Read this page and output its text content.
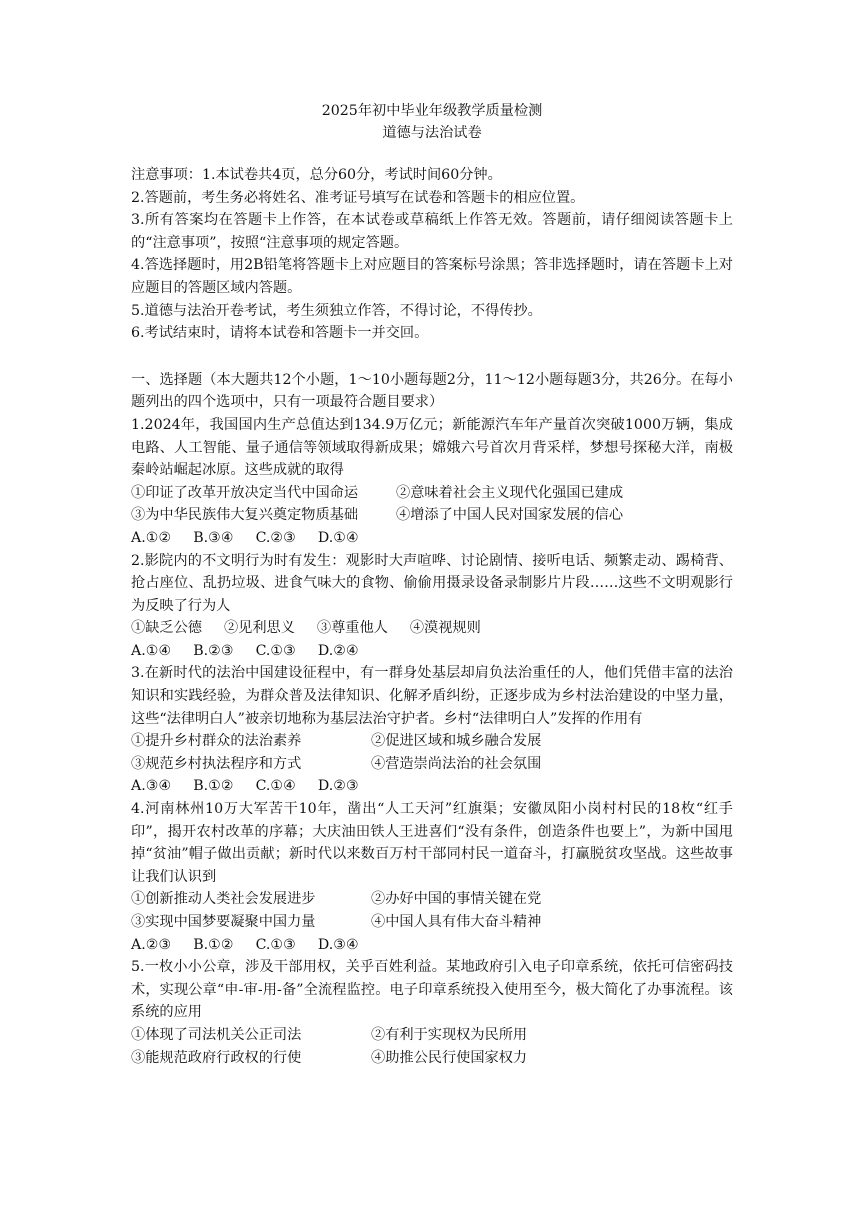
2025年初中毕业年级教学质量检测

道德与法治试卷

注意事项：1.本试卷共4页，总分60分，考试时间60分钟。

2.答题前，考生务必将姓名、准考证号填写在试卷和答题卡的相应位置。

3.所有答案均在答题卡上作答，在本试卷或草稿纸上作答无效。答题前，请仔细阅读答题卡上的“注意事项”，按照“注意事项的规定答题。

4.答选择题时，用2B铅笔将答题卡上对应题目的答案标号涂黑；答非选择题时，请在答题卡上对应题目的答题区域内答题。

5.道德与法治开卷考试，考生须独立作答，不得讨论，不得传抄。

6.考试结束时，请将本试卷和答题卡一并交回。

一、选择题（本大题共12个小题，1～10小题每题2分，11～12小题每题3分，共26分。在每小题列出的四个选项中，只有一项最符合题目要求）

1.2024年，我国国内生产总值达到134.9万亿元；新能源汽车年产量首次突破1000万辆，集成电路、人工智能、量子通信等领域取得新成果；嫦娥六号首次月背采样，梦想号探秘大洋，南极秦岭站崛起冰原。这些成就的取得

①印证了改革开放决定当代中国命运	②意味着社会主义现代化强国已建成

③为中华民族伟大复兴奠定物质基础	④增添了中国人民对国家发展的信心

A.①② B.③④ C.②③ D.①④

2.影院内的不文明行为时有发生：观影时大声喧哗、讨论剧情、接听电话、频繁走动、踢椅背、抢占座位、乱扔垃圾、进食气味大的食物、偷偷用摄录设备录制影片片段……这些不文明观影行为反映了行为人

①缺乏公德 ②见利思义 ③尊重他人 ④漠视规则

A.①④ B.②③ C.①③ D.②④

3.在新时代的法治中国建设征程中，有一群身处基层却肩负法治重任的人，他们凭借丰富的法治知识和实践经验，为群众普及法律知识、化解矛盾纠纷，正逐步成为乡村法治建设的中坚力量，这些“法律明白人”被亲切地称为基层法治守护者。乡村“法律明白人”发挥的作用有

①提升乡村群众的法治素养	②促进区域和城乡融合发展

③规范乡村执法程序和方式	④营造崇尚法治的社会氛围

A.③④ B.①② C.①④ D.②③

4.河南林州10万大军苦干10年，凿出“人工天河”红旗渠；安徽凤阳小岗村村民的18枚“红手印”，揭开农村改革的序幕；大庆油田铁人王进喜们“没有条件，创造条件也要上”，为新中国甩掉“贫油”帽子做出贡献；新时代以来数百万村干部同村民一道奋斗，打赢脱贫攻坚战。这些故事让我们认识到

①创新推动人类社会发展进步	②办好中国的事情关键在党

③实现中国梦要凝聚中国力量	④中国人具有伟大奋斗精神

A.②③ B.①② C.①③ D.③④

5.一枚小小公章，涉及干部用权，关乎百姓利益。某地政府引入电子印章系统，依托可信密码技术，实现公章“申-审-用-备”全流程监控。电子印章系统投入使用至今，极大简化了办事流程。该系统的应用

①体现了司法机关公正司法	②有利于实现权为民所用

③能规范政府行政权的行使	④助推公民行使国家权力
